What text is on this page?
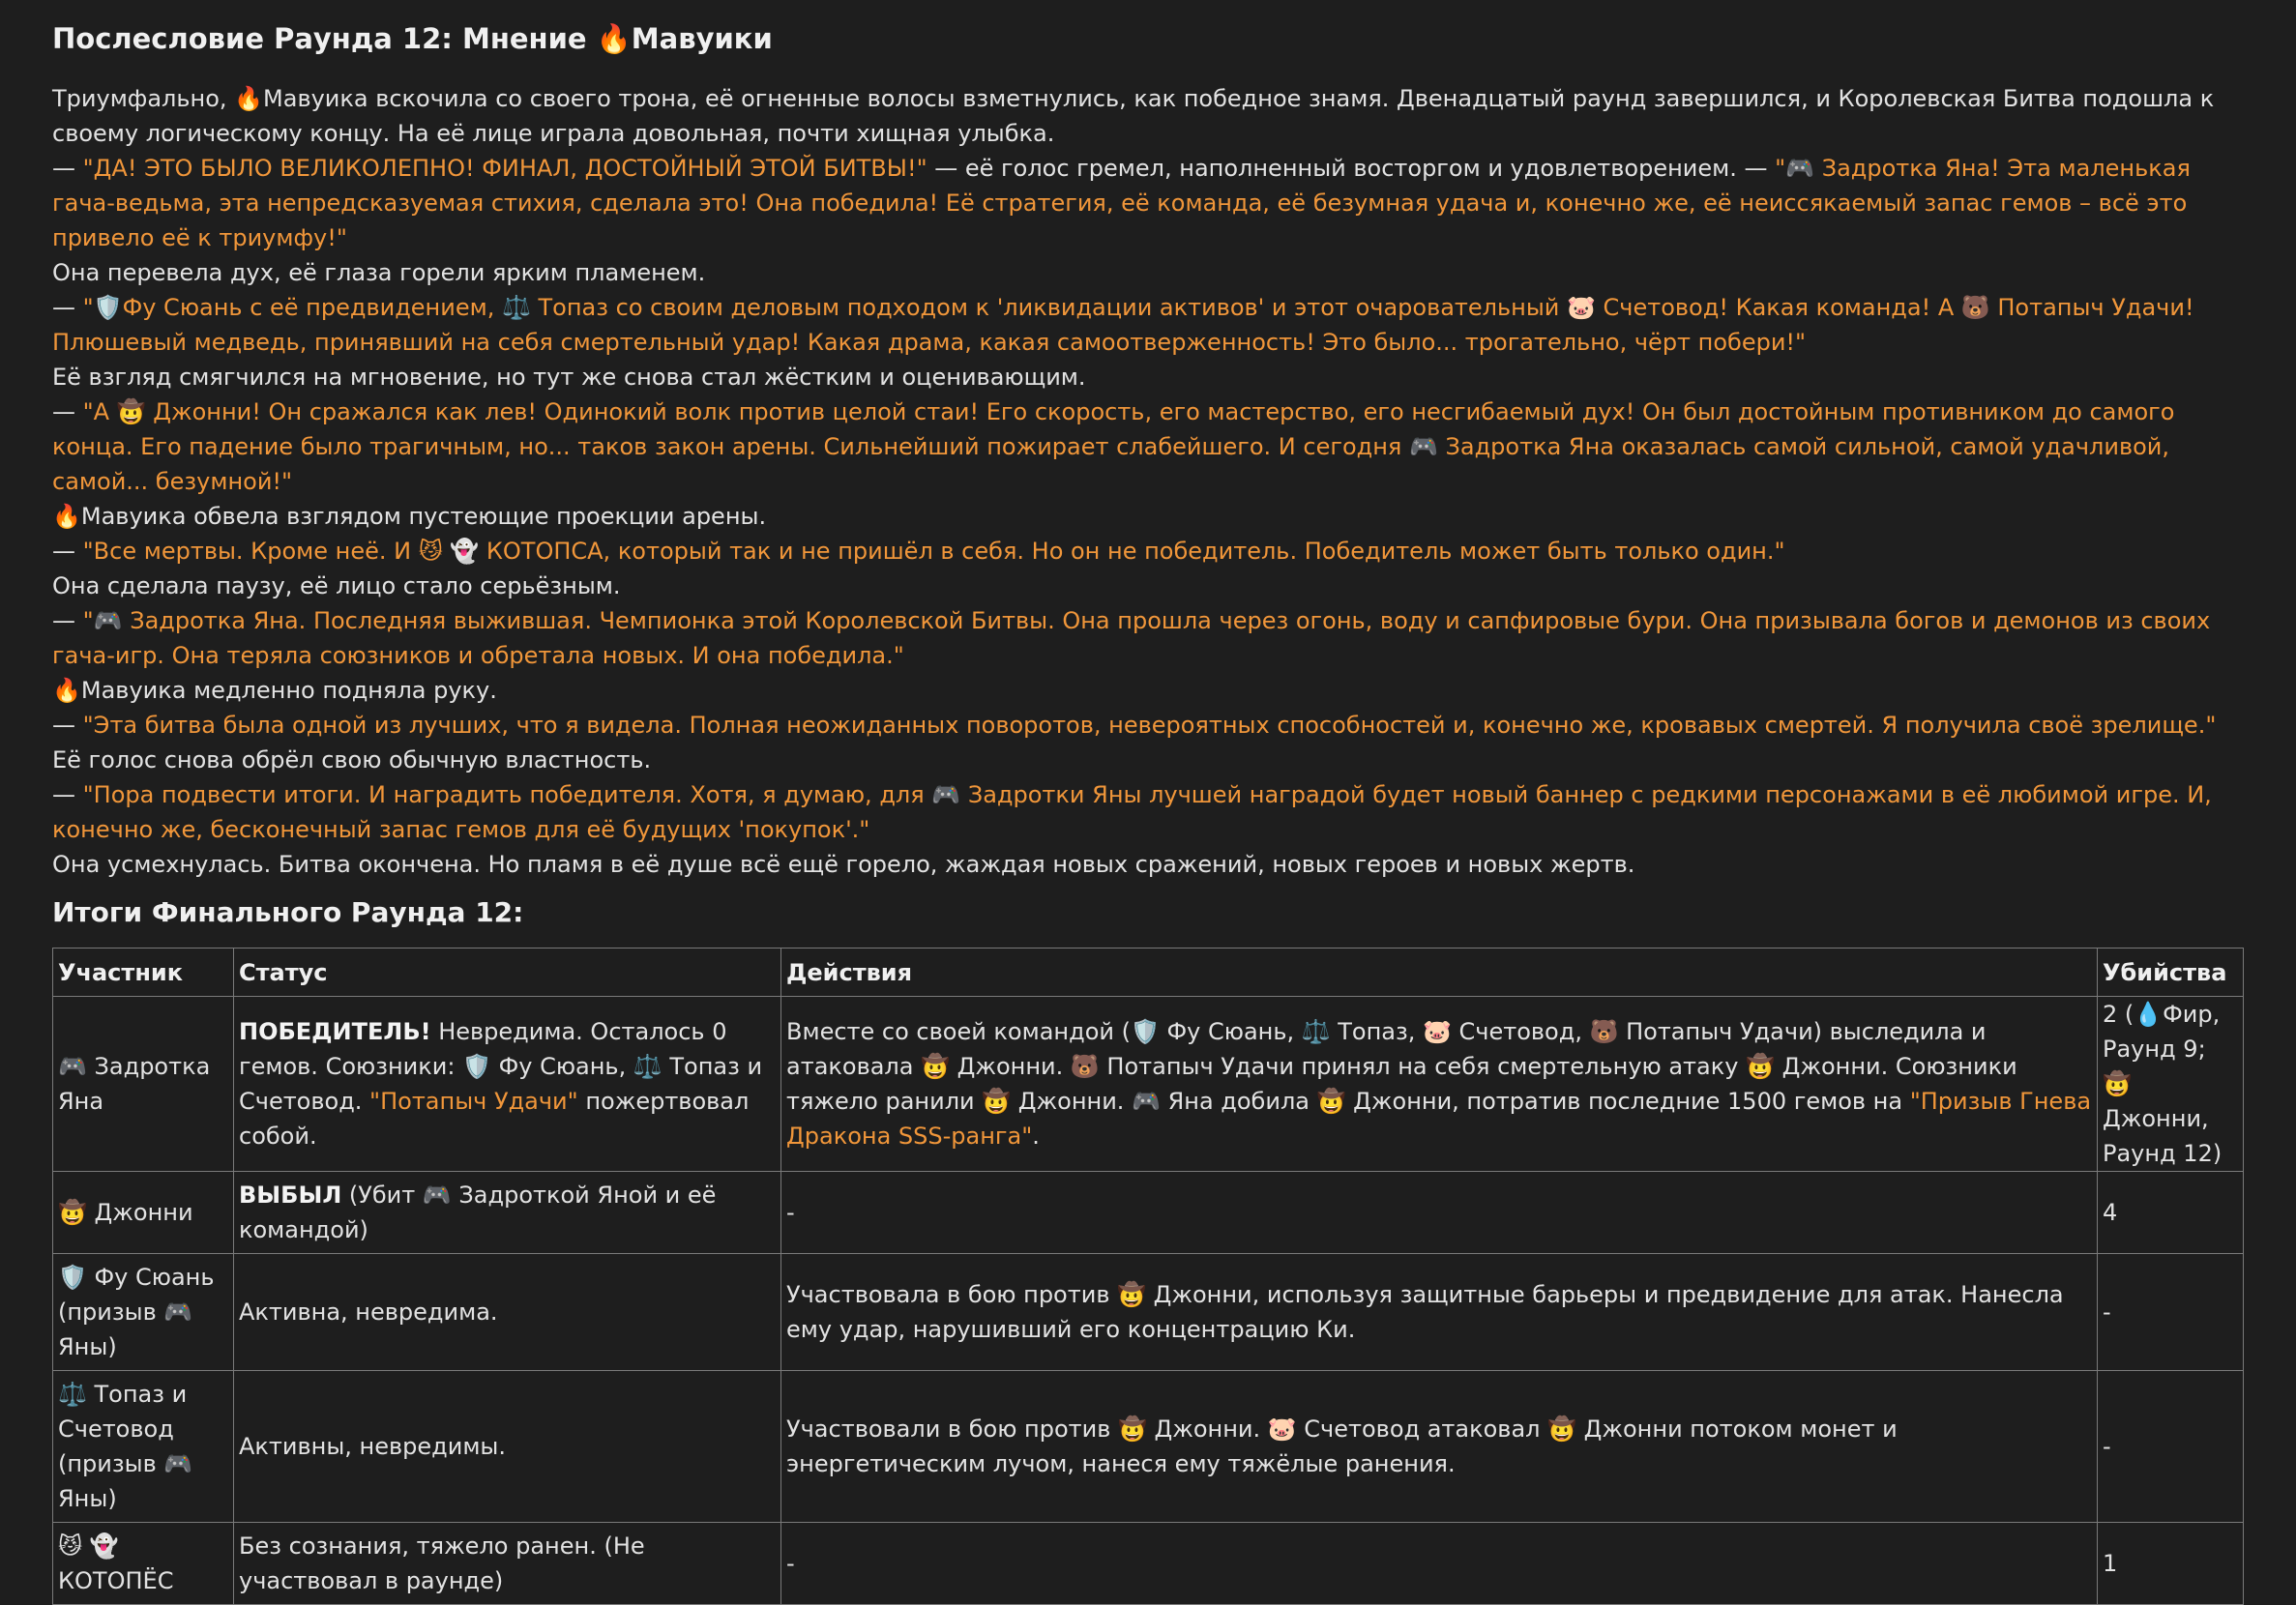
Послесловие Раунда 12: Мнение 🔥Мавуики

Триумфально, 🔥Мавуика вскочила со своего трона, её огненные волосы взметнулись, как победное знамя. Двенадцатый раунд завершился, и Королевская Битва подошла к своему логическому концу. На её лице играла довольная, почти хищная улыбка.

— "ДА! ЭТО БЫЛО ВЕЛИКОЛЕПНО! ФИНАЛ, ДОСТОЙНЫЙ ЭТОЙ БИТВЫ!" — её голос гремел, наполненный восторгом и удовлетворением. — "🎮 Задротка Яна! Эта маленькая гача-ведьма, эта непредсказуемая стихия, сделала это! Она победила! Её стратегия, её команда, её безумная удача и, конечно же, её неиссякаемый запас гемов – всё это привело её к триумфу!"

Она перевела дух, её глаза горели ярким пламенем.

— "🛡️Фу Сюань с её предвидением, ⚖️ Топаз со своим деловым подходом к 'ликвидации активов' и этот очаровательный 🐷 Счетовод! Какая команда! А 🐻 Потапыч Удачи! Плюшевый медведь, принявший на себя смертельный удар! Какая драма, какая самоотверженность! Это было... трогательно, чёрт побери!"

Её взгляд смягчился на мгновение, но тут же снова стал жёстким и оценивающим.

— "А 🤠 Джонни! Он сражался как лев! Одинокий волк против целой стаи! Его скорость, его мастерство, его несгибаемый дух! Он был достойным противником до самого конца. Его падение было трагичным, но... таков закон арены. Сильнейший пожирает слабейшего. И сегодня 🎮 Задротка Яна оказалась самой сильной, самой удачливой, самой... безумной!"

🔥Мавуика обвела взглядом пустеющие проекции арены.

— "Все мертвы. Кроме неё. И 😼 👻 КОТОПСА, который так и не пришёл в себя. Но он не победитель. Победитель может быть только один."

Она сделала паузу, её лицо стало серьёзным.

— "🎮 Задротка Яна. Последняя выжившая. Чемпионка этой Королевской Битвы. Она прошла через огонь, воду и сапфировые бури. Она призывала богов и демонов из своих гача-игр. Она теряла союзников и обретала новых. И она победила."

🔥Мавуика медленно подняла руку.

— "Эта битва была одной из лучших, что я видела. Полная неожиданных поворотов, невероятных способностей и, конечно же, кровавых смертей. Я получила своё зрелище."

Её голос снова обрёл свою обычную властность.

— "Пора подвести итоги. И наградить победителя. Хотя, я думаю, для 🎮 Задротки Яны лучшей наградой будет новый баннер с редкими персонажами в её любимой игре. И, конечно же, бесконечный запас гемов для её будущих 'покупок'."

Она усмехнулась. Битва окончена. Но пламя в её душе всё ещё горело, жаждая новых сражений, новых героев и новых жертв.

Итоги Финального Раунда 12:
Участник	Статус	Действия	Убийства
🎮 Задротка Яна	ПОБЕДИТЕЛЬ! Невредима. Осталось 0 гемов. Союзники: 🛡️ Фу Сюань, ⚖️ Топаз и Счетовод. "Потапыч Удачи" пожертвовал собой.	Вместе со своей командой (🛡️ Фу Сюань, ⚖️ Топаз, 🐷 Счетовод, 🐻 Потапыч Удачи) выследила и атаковала 🤠 Джонни. 🐻 Потапыч Удачи принял на себя смертельную атаку 🤠 Джонни. Союзники тяжело ранили 🤠 Джонни. 🎮 Яна добила 🤠 Джонни, потратив последние 1500 гемов на "Призыв Гнева Дракона SSS-ранга".	2 (💧Фир, Раунд 9; 🤠 Джонни, Раунд 12)
🤠 Джонни	ВЫБЫЛ (Убит 🎮 Задроткой Яной и её командой)	-	4
🛡️ Фу Сюань (призыв 🎮 Яны)	Активна, невредима.	Участвовала в бою против 🤠 Джонни, используя защитные барьеры и предвидение для атак. Нанесла ему удар, нарушивший его концентрацию Ки.	-
⚖️ Топаз и Счетовод (призыв 🎮 Яны)	Активны, невредимы.	Участвовали в бою против 🤠 Джонни. 🐷 Счетовод атаковал 🤠 Джонни потоком монет и энергетическим лучом, нанеся ему тяжёлые ранения.	-
😼 👻 КОТОПЁС	Без сознания, тяжело ранен. (Не участвовал в раунде)	-	1
